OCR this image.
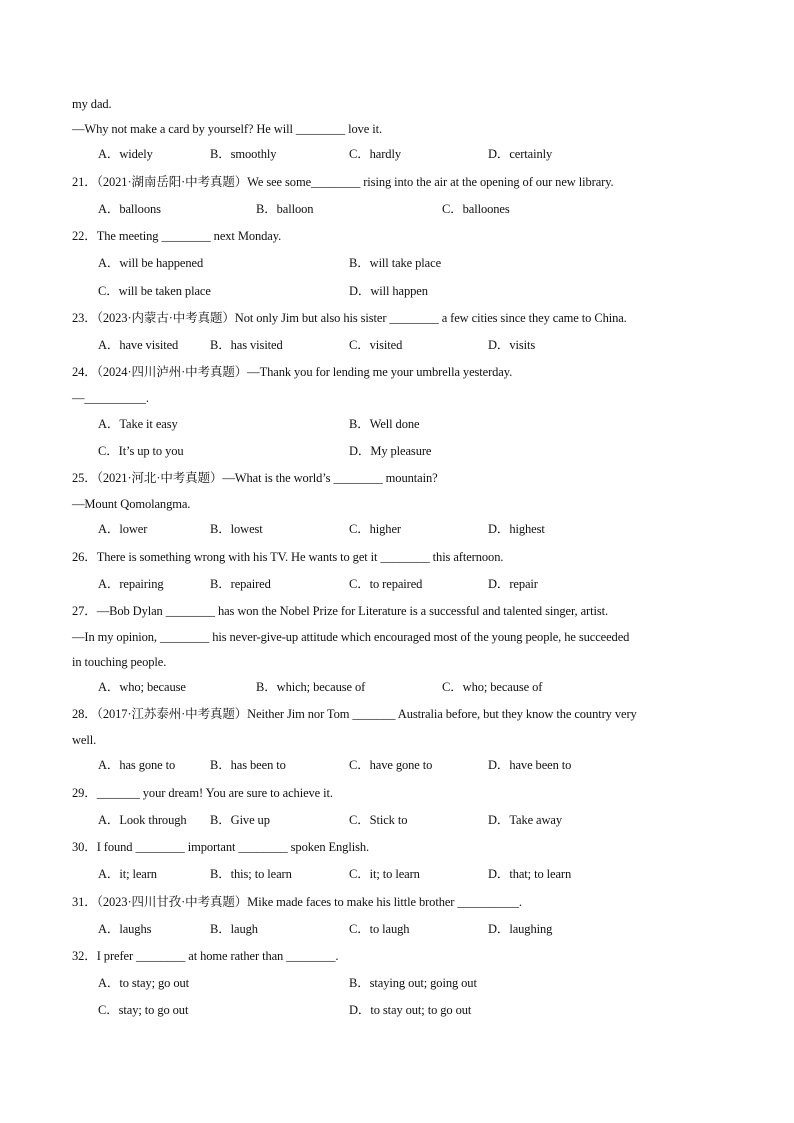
my dad.
—Why not make a card by yourself? He will ________ love it.
A．widely	B．smoothly	C．hardly	D．certainly
21．（2021·湖南岳阳·中考真题）We see some________ rising into the air at the opening of our new library.
A．balloons	B．balloon	C．balloones
22．The meeting ________ next Monday.
A．will be happened	B．will take place
C．will be taken place	D．will happen
23．（2023·内蒙古·中考真题）Not only Jim but also his sister ________ a few cities since they came to China.
A．have visited	B．has visited	C．visited	D．visits
24．（2024·四川泸州·中考真题）—Thank you for lending me your umbrella yesterday.
—__________.
A．Take it easy	B．Well done
C．It’s up to you	D．My pleasure
25．（2021·河北·中考真题）—What is the world’s ________ mountain?
—Mount Qomolangma.
A．lower	B．lowest	C．higher	D．highest
26．There is something wrong with his TV. He wants to get it ________ this afternoon.
A．repairing	B．repaired	C．to repaired	D．repair
27．—Bob Dylan ________ has won the Nobel Prize for Literature is a successful and talented singer, artist.
—In my opinion, ________ his never-give-up attitude which encouraged most of the young people, he succeeded
in touching people.
A．who; because	B．which; because of	C．who; because of
28．（2017·江苏泰州·中考真题）Neither Jim nor Tom _______ Australia before, but they know the country very
well.
A．has gone to	B．has been to	C．have gone to	D．have been to
29．_______ your dream! You are sure to achieve it.
A．Look through B．Give up	C．Stick to	D．Take away
30．I found ________ important ________ spoken English.
A．it; learn	B．this; to learn	C．it; to learn	D．that; to learn
31．（2023·四川甘孜·中考真题）Mike made faces to make his little brother __________.
A．laughs	B．laugh	C．to laugh	D．laughing
32．I prefer ________ at home rather than ________.
A．to stay; go out	B．staying out; going out
C．stay; to go out	D．to stay out; to go out
